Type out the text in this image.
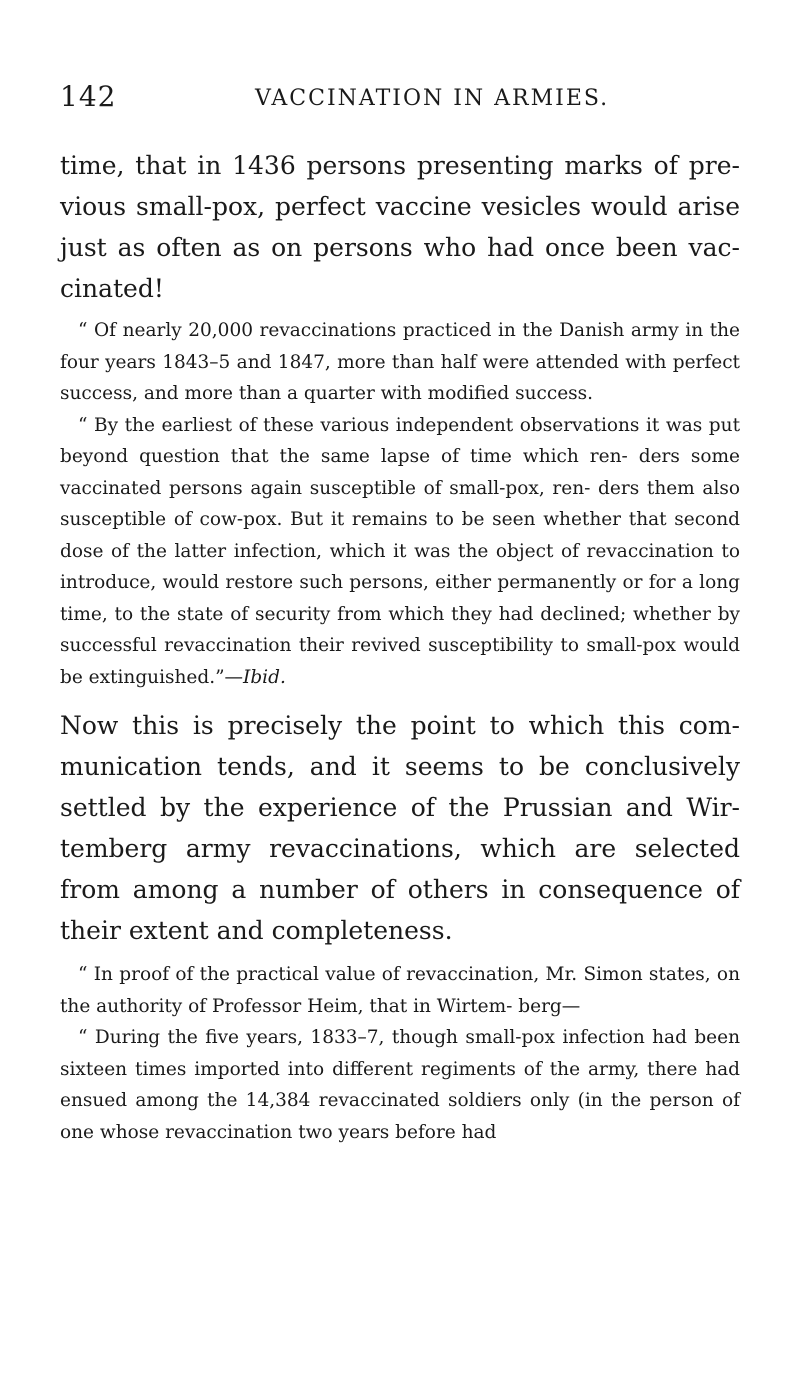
142	VACCINATION IN ARMIES.

time, that in 1436 persons presenting marks of pre- vious small-pox, perfect vaccine vesicles would arise just as often as on persons who had once been vac- cinated!

“ Of nearly 20,000 revaccinations practiced in the Danish army in the four years 1843–5 and 1847, more than half were attended with perfect success, and more than a quarter with modified success.

“ By the earliest of these various independent observations it was put beyond question that the same lapse of time which ren- ders some vaccinated persons again susceptible of small-pox, ren- ders them also susceptible of cow-pox. But it remains to be seen whether that second dose of the latter infection, which it was the object of revaccination to introduce, would restore such persons, either permanently or for a long time, to the state of security from which they had declined; whether by successful revaccination their revived susceptibility to small-pox would be extinguished.”—Ibid.

Now this is precisely the point to which this com- munication tends, and it seems to be conclusively settled by the experience of the Prussian and Wir- temberg army revaccinations, which are selected from among a number of others in consequence of their extent and completeness.

“ In proof of the practical value of revaccination, Mr. Simon states, on the authority of Professor Heim, that in Wirtem- berg—

“ During the five years, 1833–7, though small-pox infection had been sixteen times imported into different regiments of the army, there had ensued among the 14,384 revaccinated soldiers only (in the person of one whose revaccination two years before had
